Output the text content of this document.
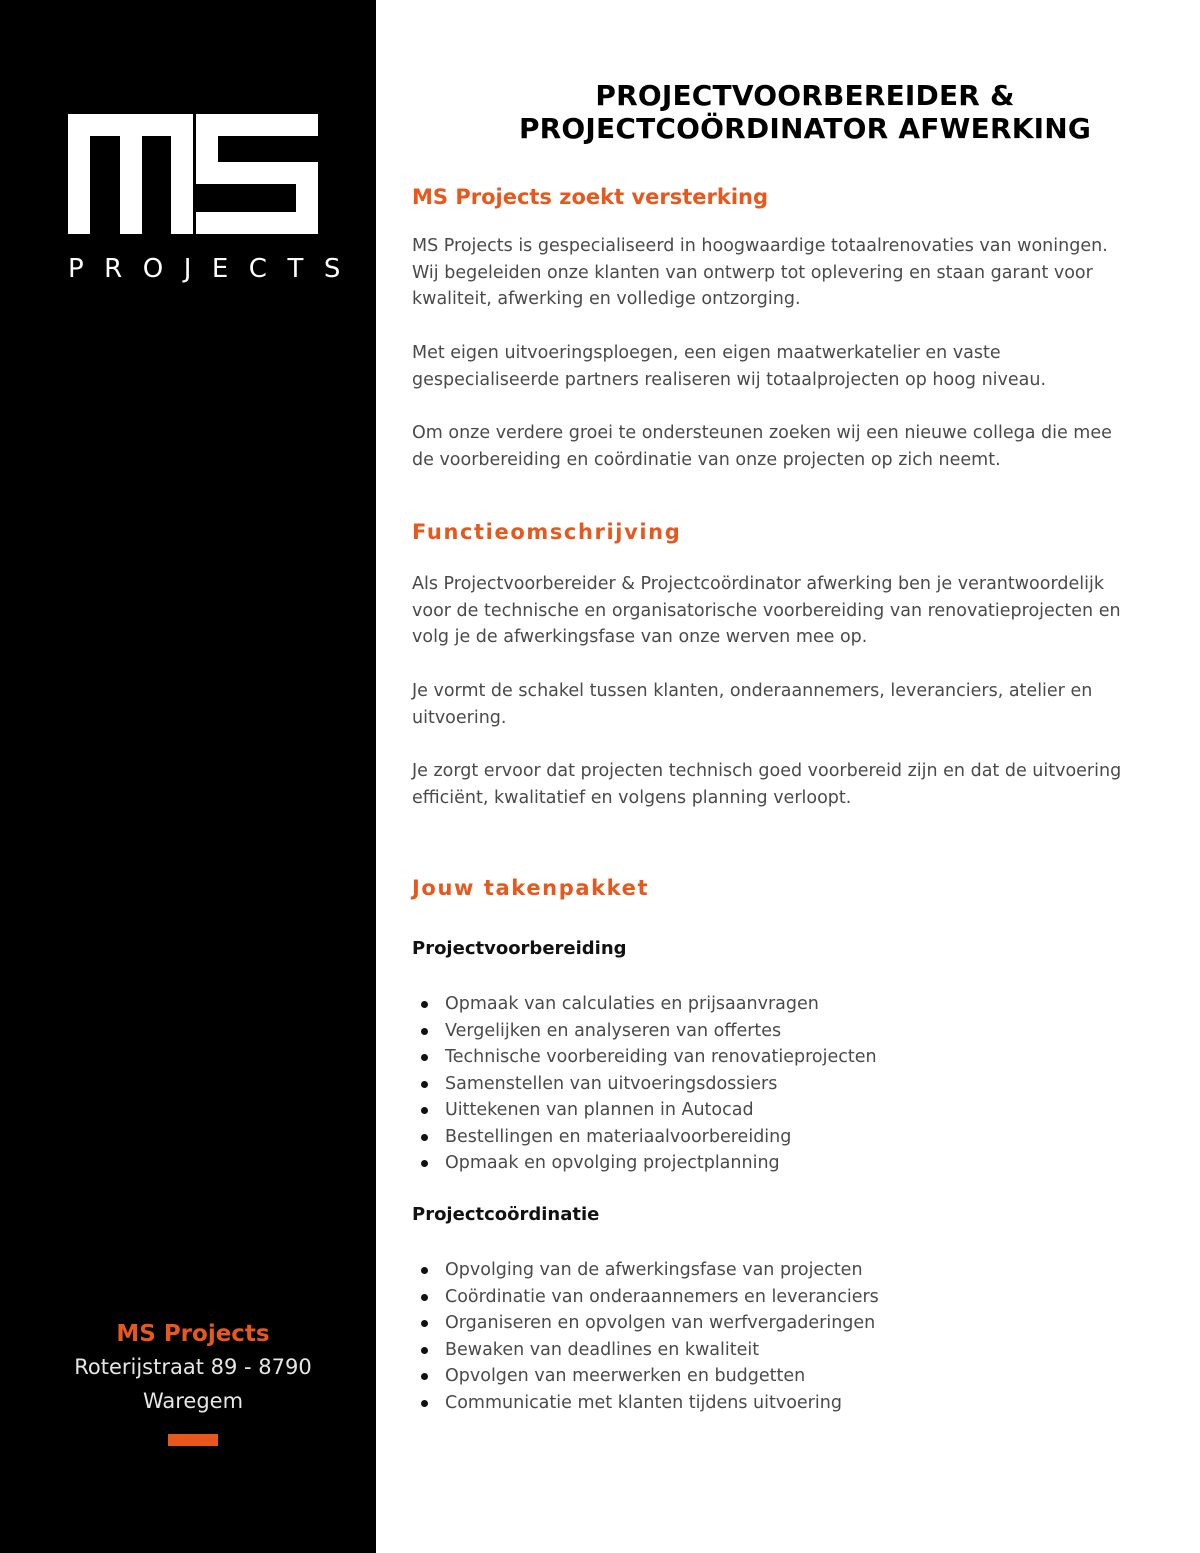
PROJECTS
MS Projects
Roterijstraat 89 - 8790
Waregem
PROJECTVOORBEREIDER &
PROJECTCOÖRDINATOR AFWERKING
MS Projects zoekt versterking
MS Projects is gespecialiseerd in hoogwaardige totaalrenovaties van woningen. Wij begeleiden onze klanten van ontwerp tot oplevering en staan garant voor kwaliteit, afwerking en volledige ontzorging.
Met eigen uitvoeringsploegen, een eigen maatwerkatelier en vaste gespecialiseerde partners realiseren wij totaalprojecten op hoog niveau.
Om onze verdere groei te ondersteunen zoeken wij een nieuwe collega die mee de voorbereiding en coördinatie van onze projecten op zich neemt.
Functieomschrijving
Als Projectvoorbereider & Projectcoördinator afwerking ben je verantwoordelijk voor de technische en organisatorische voorbereiding van renovatieprojecten en volg je de afwerkingsfase van onze werven mee op.
Je vormt de schakel tussen klanten, onderaannemers, leveranciers, atelier en uitvoering.
Je zorgt ervoor dat projecten technisch goed voorbereid zijn en dat de uitvoering efficiënt, kwalitatief en volgens planning verloopt.
Jouw takenpakket
Projectvoorbereiding
Opmaak van calculaties en prijsaanvragen
Vergelijken en analyseren van offertes
Technische voorbereiding van renovatieprojecten
Samenstellen van uitvoeringsdossiers
Uittekenen van plannen in Autocad
Bestellingen en materiaalvoorbereiding
Opmaak en opvolging projectplanning
Projectcoördinatie
Opvolging van de afwerkingsfase van projecten
Coördinatie van onderaannemers en leveranciers
Organiseren en opvolgen van werfvergaderingen
Bewaken van deadlines en kwaliteit
Opvolgen van meerwerken en budgetten
Communicatie met klanten tijdens uitvoering
